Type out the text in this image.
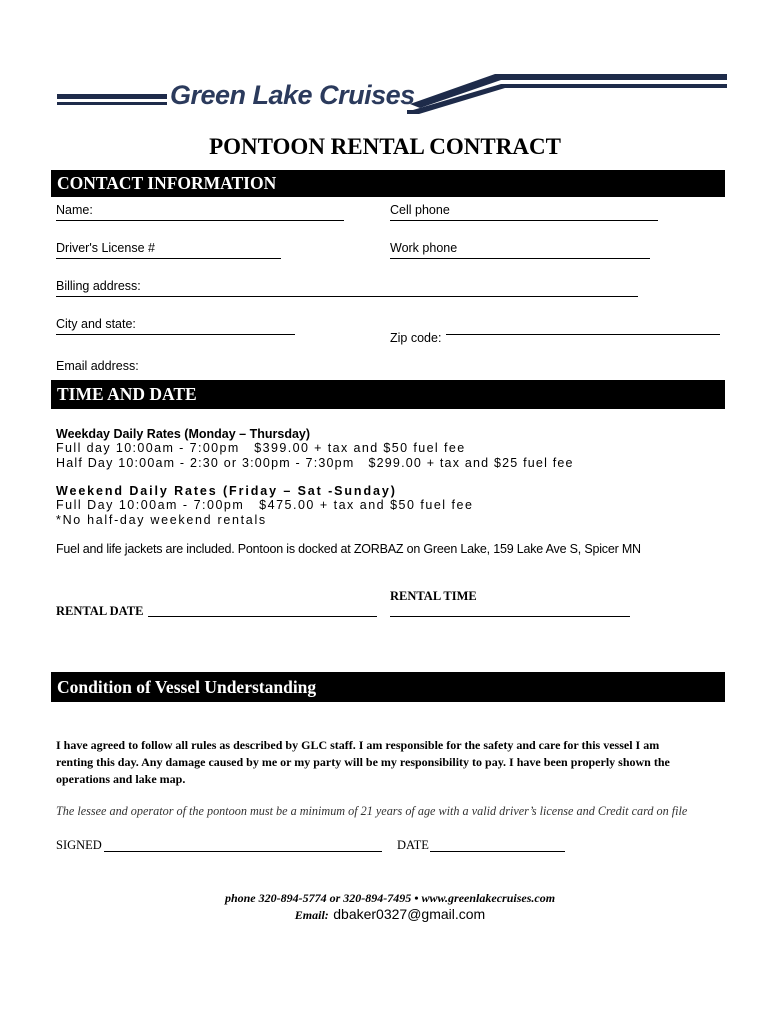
Green Lake Cruises
PONTOON RENTAL CONTRACT
CONTACT INFORMATION
Name:	Cell phone
Driver's License #	Work phone
Billing address:
City and state:
Zip code:
Email address:
TIME AND DATE
Weekday Daily Rates (Monday – Thursday)
Full day 10:00am - 7:00pm   $399.00 + tax and $50 fuel fee
Half Day 10:00am - 2:30 or 3:00pm - 7:30pm   $299.00 + tax and $25 fuel fee
Weekend Daily Rates (Friday – Sat -Sunday)
Full Day 10:00am - 7:00pm   $475.00 + tax and $50 fuel fee
*No half-day weekend rentals
Fuel and life jackets are included. Pontoon is docked at ZORBAZ on Green Lake, 159 Lake Ave S, Spicer MN
RENTAL TIME
RENTAL DATE
Condition of Vessel Understanding
I have agreed to follow all rules as described by GLC staff. I am responsible for the safety and care for this vessel I am
renting this day. Any damage caused by me or my party will be my responsibility to pay. I have been properly shown the
operations and lake map.
The lessee and operator of the pontoon must be a minimum of 21 years of age with a valid driver’s license and Credit card on file
SIGNED	DATE
phone 320-894-5774 or 320-894-7495 • www.greenlakecruises.com
Email: dbaker0327@gmail.com
